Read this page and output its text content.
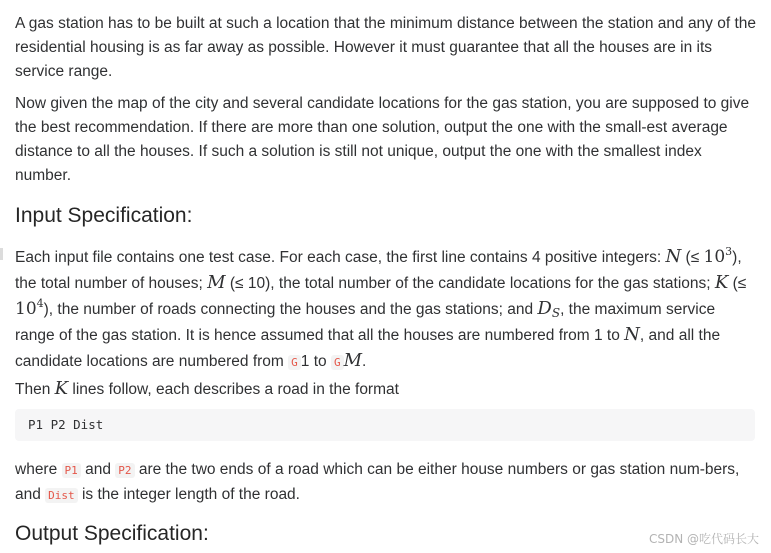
A gas station has to be built at such a location that the minimum distance between the station and any of the residential housing is as far away as possible. However it must guarantee that all the houses are in its service range.

Now given the map of the city and several candidate locations for the gas station, you are supposed to give the best recommendation. If there are more than one solution, output the one with the small-est average distance to all the houses. If such a solution is still not unique, output the one with the smallest index number.

Input Specification:

Each input file contains one test case. For each case, the first line contains 4 positive integers: N (≤ $10^3$), the total number of houses; M (≤ 10), the total number of the candidate locations for the gas stations; K (≤ $10^4$), the number of roads connecting the houses and the gas stations; and $D_S$, the maximum service range of the gas station. It is hence assumed that all the houses are numbered from 1 to N, and all the candidate locations are numbered from G 1 to G M.

Then K lines follow, each describes a road in the format

P1 P2 Dist

where P1 and P2 are the two ends of a road which can be either house numbers or gas station num-bers, and Dist is the integer length of the road.

Output Specification:	CSDN @吃代码长大
